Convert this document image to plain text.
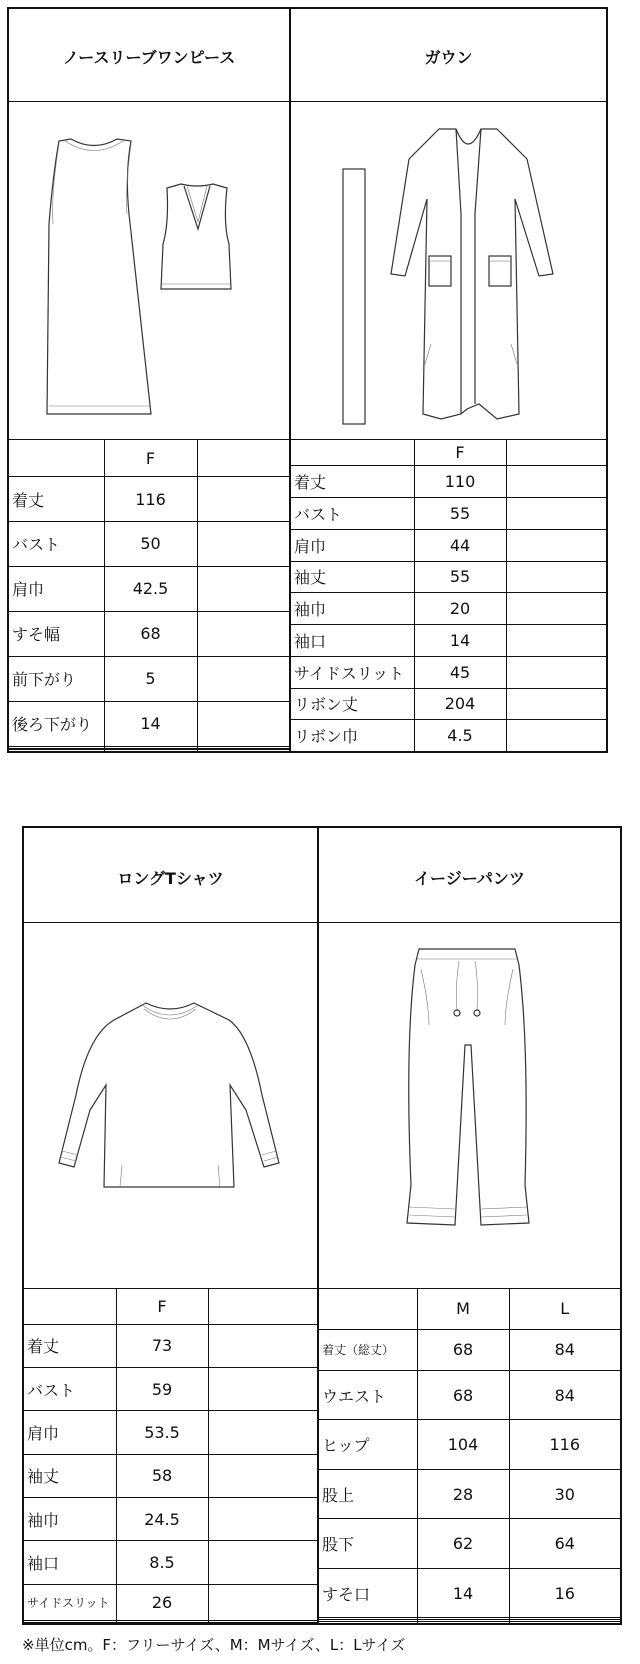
ノースリーブワンピース
	F	
着丈	116	
バスト	50	
肩巾	42.5	
すそ幅	68	
前下がり	5	
後ろ下がり	14	

ガウン
	F	
着丈	110	
バスト	55	
肩巾	44	
袖丈	55	
袖巾	20	
袖口	14	
サイドスリット	45	
リボン丈	204	
リボン巾	4.5	
ロングTシャツ
	F	
着丈	73	
バスト	59	
肩巾	53.5	
袖丈	58	
袖巾	24.5	
袖口	8.5	
サイドスリット	26	

イージーパンツ
	M	L
着丈（総丈）	68	84
ウエスト	68	84
ヒップ	104	116
股上	28	30
股下	62	64
すそ口	14	16

※単位cm。F：フリーサイズ、M：Mサイズ、L：Lサイズ
